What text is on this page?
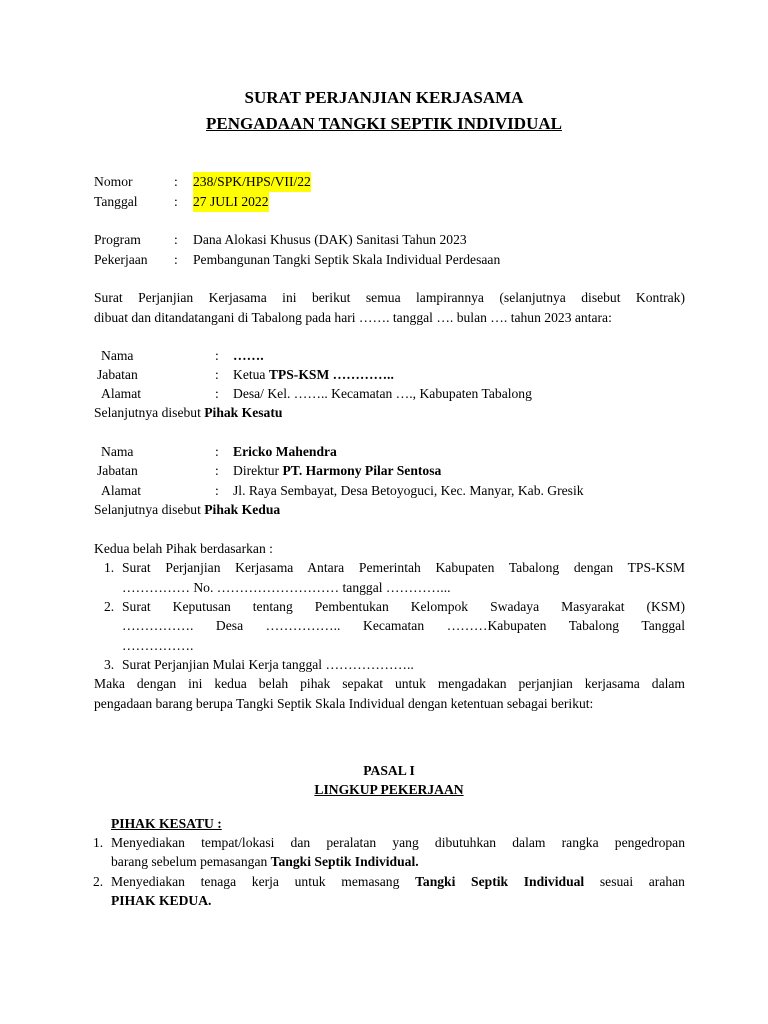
SURAT PERJANJIAN KERJASAMA
PENGADAAN TANGKI SEPTIK INDIVIDUAL
Nomor	: 238/SPK/HPS/VII/22
Tanggal	: 27 JULI 2022
Program : Dana Alokasi Khusus (DAK) Sanitasi Tahun 2023
Pekerjaan : Pembangunan Tangki Septik Skala Individual Perdesaan
Surat Perjanjian Kerjasama ini berikut semua lampirannya (selanjutnya disebut Kontrak)
dibuat dan ditandatangani di Tabalong pada hari ……. tanggal …. bulan …. tahun 2023 antara:
Nama	: …….
Jabatan	: Ketua TPS-KSM …………..
Alamat	: Desa/ Kel. …….. Kecamatan …., Kabupaten Tabalong
Selanjutnya disebut Pihak Kesatu
Nama	: Ericko Mahendra
Jabatan	: Direktur PT. Harmony Pilar Sentosa
Alamat	: Jl. Raya Sembayat, Desa Betoyoguci, Kec. Manyar, Kab. Gresik
Selanjutnya disebut Pihak Kedua
Kedua belah Pihak berdasarkan :
1. Surat Perjanjian Kerjasama Antara Pemerintah Kabupaten Tabalong dengan TPS-KSM
…………… No. ……………………… tanggal …………...
2. Surat Keputusan tentang Pembentukan Kelompok Swadaya Masyarakat (KSM)
……………. Desa …………….. Kecamatan ………Kabupaten Tabalong Tanggal
…………….
3. Surat Perjanjian Mulai Kerja tanggal ………………..
Maka dengan ini kedua belah pihak sepakat untuk mengadakan perjanjian kerjasama dalam
pengadaan barang berupa Tangki Septik Skala Individual dengan ketentuan sebagai berikut:
PASAL I
LINGKUP PEKERJAAN
PIHAK KESATU :
1. Menyediakan tempat/lokasi dan peralatan yang dibutuhkan dalam rangka pengedropan
barang sebelum pemasangan Tangki Septik Individual.
2. Menyediakan tenaga kerja untuk memasang Tangki Septik Individual sesuai arahan
PIHAK KEDUA.
